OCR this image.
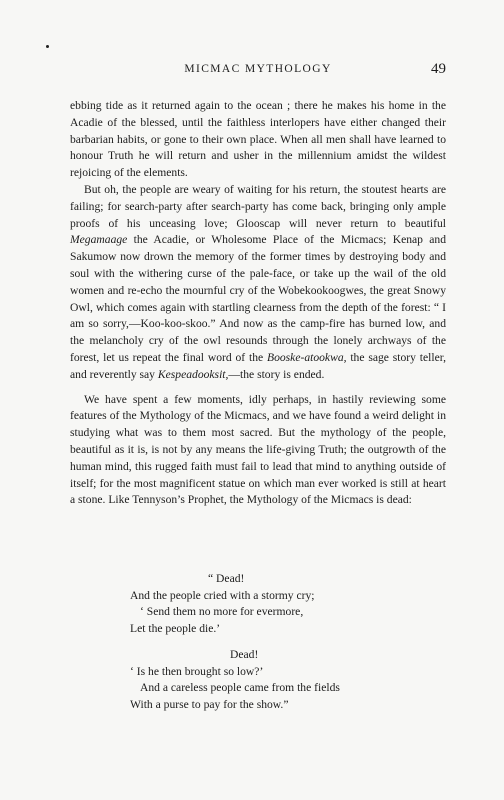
MICMAC MYTHOLOGY	49

ebbing tide as it returned again to the ocean ; there he makes his home in the Acadie of the blessed, until the faithless interlopers have either changed their barbarian habits, or gone to their own place. When all men shall have learned to honour Truth he will return and usher in the millennium amidst the wildest rejoicing of the elements.

But oh, the people are weary of waiting for his return, the stoutest hearts are failing; for search-party after search-party has come back, bringing only ample proofs of his unceasing love; Glooscap will never return to beautiful Megamaage the Acadie, or Wholesome Place of the Micmacs; Kenap and Sakumow now drown the memory of the former times by destroying body and soul with the withering curse of the pale-face, or take up the wail of the old women and re-echo the mournful cry of the Wobekookoogwes, the great Snowy Owl, which comes again with startling clearness from the depth of the forest: “ I am so sorry,—Koo-koo-skoo.” And now as the camp-fire has burned low, and the melancholy cry of the owl resounds through the lonely archways of the forest, let us repeat the final word of the Booske-atookwa, the sage story teller, and reverently say Kespeadooksit,—the story is ended.

We have spent a few moments, idly perhaps, in hastily reviewing some features of the Mythology of the Micmacs, and we have found a weird delight in studying what was to them most sacred. But the mythology of the people, beautiful as it is, is not by any means the life-giving Truth; the outgrowth of the human mind, this rugged faith must fail to lead that mind to anything outside of itself; for the most magnificent statue on which man ever worked is still at heart a stone. Like Tennyson’s Prophet, the Mythology of the Micmacs is dead:

“ Dead!
And the people cried with a stormy cry;
‘ Send them no more for evermore,
Let the people die.’
Dead!
‘ Is he then brought so low?’
And a careless people came from the fields
With a purse to pay for the show.”
